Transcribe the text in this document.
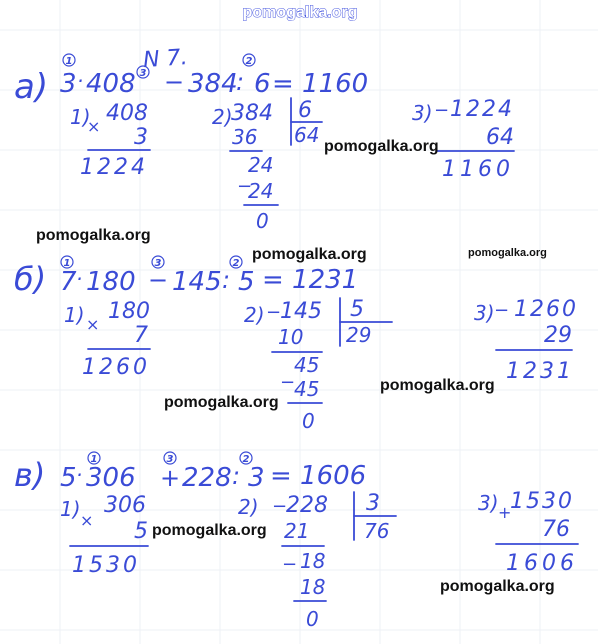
pomogalka.org
N 7.
а) 3 · 408 − 384
: 6 = 1160
1
3
2
1)
×
408
3
1224
2)
384 6
64
36
24
−
24
0
3) − 1224
64
1160
б) 7 · 180 − 145 : 5 = 1231
1	3	2
1) ×
180
7
1260
2) −
145 5
29
10
45
−
45
0
3) − 1260
29
1231
в) 5 · 306 + 228 : 3 = 1606
1	3	2
1) ×
306
5
1530
2) −
228 3
76
21
− 18
18
0
3) +
1530
76
1606
pomogalka.org
pomogalka.org
pomogalka.org	pomogalka.org
pomogalka.org
pomogalka.org
pomogalka.org
pomogalka.org
